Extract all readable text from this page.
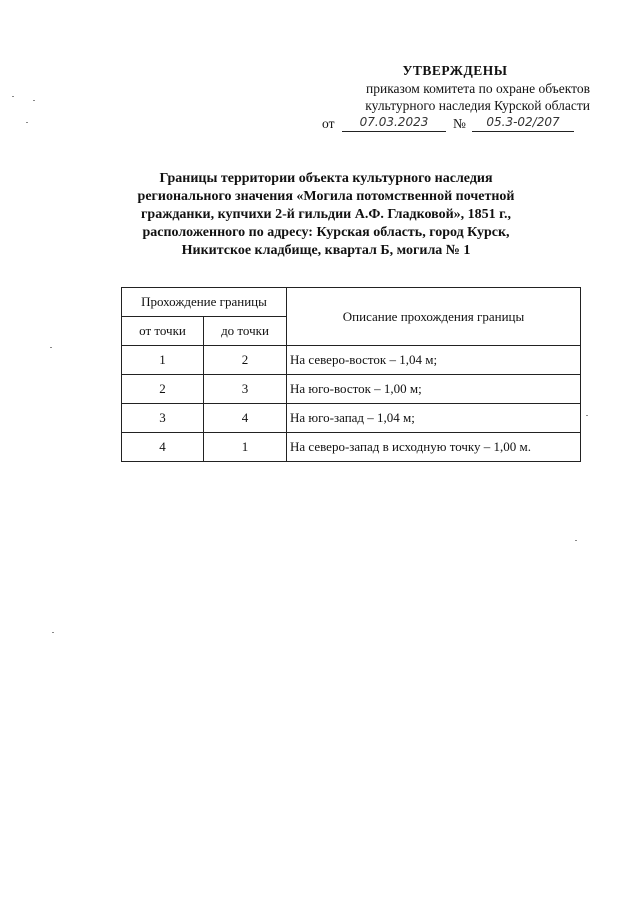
УТВЕРЖДЕНЫ
приказом комитета по охране объектов
культурного наследия Курской области
от	07.03.2023	№	05.3-02/207
Границы территории объекта культурного наследия
регионального значения «Могила потомственной почетной
гражданки, купчихи 2-й гильдии А.Ф. Гладковой», 1851 г.,
расположенного по адресу: Курская область, город Курск,
Никитское кладбище, квартал Б, могила № 1
Прохождение границы		Описание прохождения границы
от точки	до точки	
1	2	На северо-восток – 1,04 м;
2	3	На юго-восток – 1,00 м;
3	4	На юго-запад – 1,04 м;
4	1	На северо-запад в исходную точку – 1,00 м.
